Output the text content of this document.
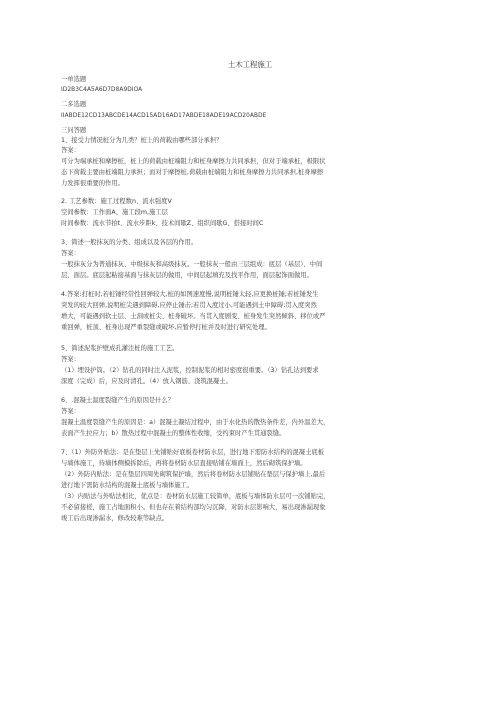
土木工程施工
一单选题
ID2B3C4A5A6D7D8A9DIOA
二多选题
IIABDE12CD13ABCDE14ACD15AD16AD17ABDE18ADE19ACD20ABDE
三问答题
1、接受力情况桩分为几类？桩上的荷载由哪些部分承担？
答案：
可分为端承桩和摩擦桩，桩上的荷载由桩端阻力和桩身摩擦力共同承担，但对于端承桩，极限状
态下荷载主要由桩端阻力承担；而对于摩擦桩,荷载由桩端阻力和桩身摩擦力共同承担,桩身摩擦
力发挥很重要的作用。
2. 工艺参数：施工过程数n、流水强度V
空间参数：工作面A、施工段m,施工层
时间参数：流水节拍t、流水步距k、技术间歇Z、组织间歇G、搭接时间C
3、简述一般抹灰的分类、组成以及各层的作用。
答案：
一般抹灰分为普通抹灰、中级抹灰和高级抹灰。一般抹灰一般由三层组成：底层（基层）、中间
层、面层。底层起粘接基面与抹灰层的做用，中间层起填充及找平作用，面层起饰面做用。
4.答案:打桩时,若桩锤经常性回弹较大,桩的如图速度慢,说明桩锤太轻,应更换桩锤;若桩锤发生
突发的较大回弹,说明桩尖遇到障碍,应停止锤击;若贯入度过小,可能遇到土中障碍;贯入度突然
增大，可能遇到软土层、土洞或桩尖、桩身破坏。当贯入度剧变、桩身发生突然倾斜、移位或严
重回弹，桩顶、桩身出现严重裂缝或破坏,应暂停打桩并及时进行研究处理。
5、简述泥浆护壁成孔灌注桩的施工工艺。
答案：
（1）埋设护筒。（2）钻孔的同时注入泥浆，控制泥浆的相对密度很重要。（3）钻孔达到要求
深度（完成）后，应及时清孔。（4）放入钢筋、浇筑混凝土。
6、.混凝土温度裂缝产生的原因是什么？
答案：
混凝土温度裂缝产生的原因是：a）混凝土凝结过程中，由于水化热的散热条件差，内外温差大，
表面产生拉应力；b）散热过程中混凝土的整体性收缩，受约束时产生贯通裂缝。
7、（1）外防外贴法：是在垫层上先铺贴好底板卷材防水层，进行地下需防水结构的混凝土底板
与墙体施工，待墙体侧模拆除后，再将卷材防水层直接贴铺在墙面上，然后砌筑保护墙。
（2）外防内贴法：是在垫层四周先砌筑保护墙，然后将卷材防水层铺贴在垫层与保护墙上,最后
进行地下需防水结构的混凝土底板与墙体施工。
（3）内贴法与外贴法相比，优点是：卷材防水层施工较简单，底板与墙体防水层可一次铺贴完，
不必留接槎，施工占地面积小。但也存在着结构部均匀沉降，对防水层影响大，易出现渗漏现象
竣工后出现渗漏水，修改较难等缺点。
